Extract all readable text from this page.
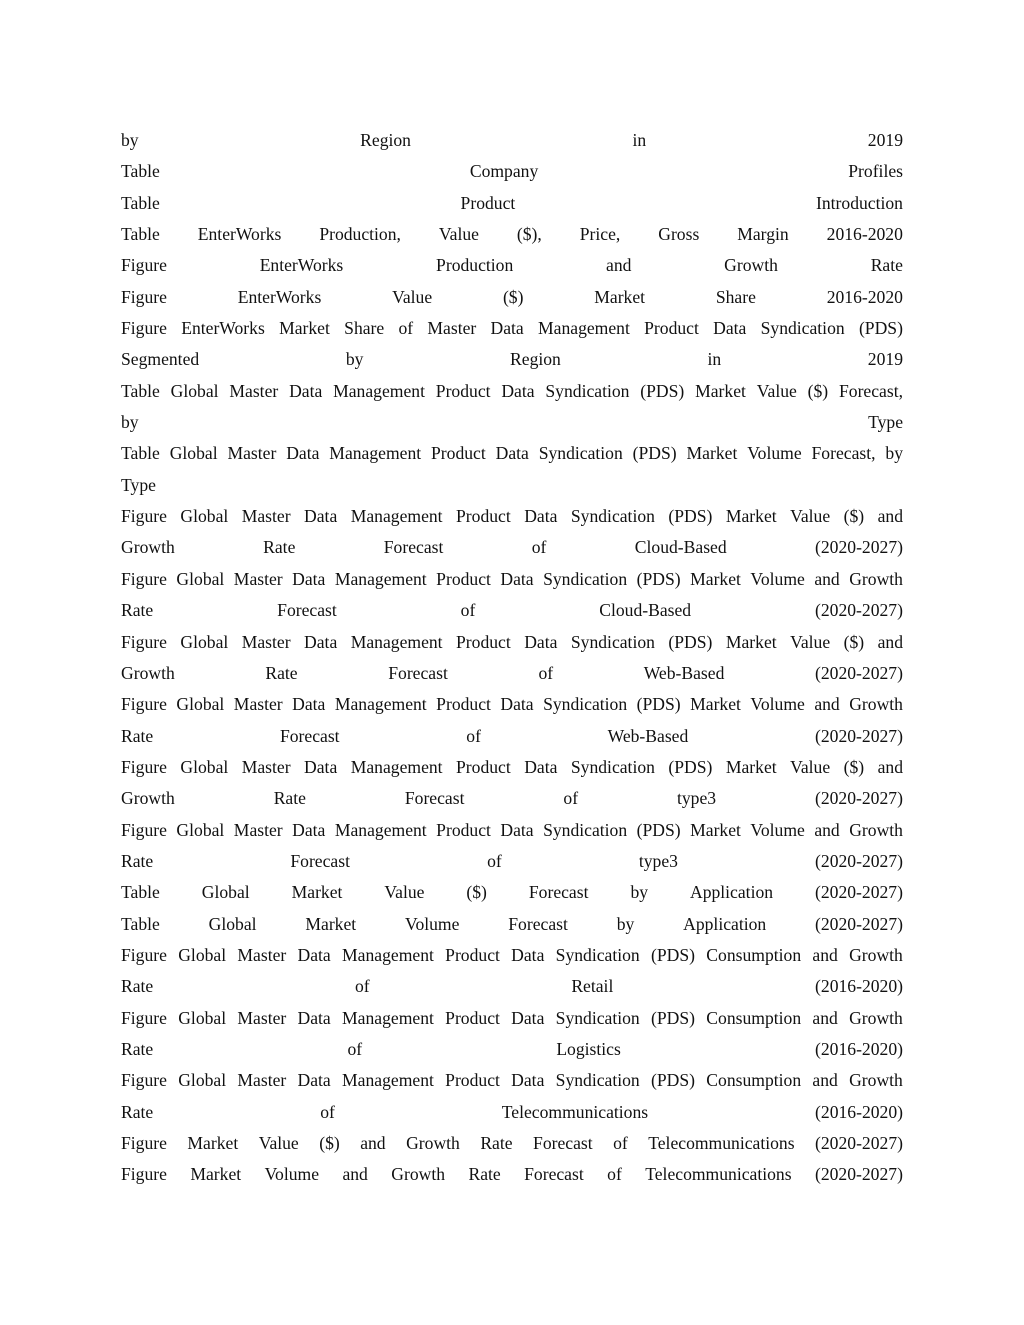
by	Region	in	2019
Table	Company	Profiles
Table	Product	Introduction
Table EnterWorks Production, Value ($), Price, Gross Margin 2016-2020
Figure	EnterWorks	Production	and	Growth	Rate
Figure	EnterWorks	Value	($)	Market	Share	2016-2020
Figure EnterWorks Market Share of Master Data Management Product Data Syndication (PDS)
Segmented	by	Region	in	2019
Table Global Master Data Management Product Data Syndication (PDS) Market Value ($) Forecast,
by	Type
Table Global Master Data Management Product Data Syndication (PDS) Market Volume Forecast, by
Type
Figure Global Master Data Management Product Data Syndication (PDS) Market Value ($) and
Growth	Rate	Forecast	of	Cloud-Based	(2020-2027)
Figure Global Master Data Management Product Data Syndication (PDS) Market Volume and Growth
Rate	Forecast	of	Cloud-Based	(2020-2027)
Figure Global Master Data Management Product Data Syndication (PDS) Market Value ($) and
Growth	Rate	Forecast	of	Web-Based	(2020-2027)
Figure Global Master Data Management Product Data Syndication (PDS) Market Volume and Growth
Rate	Forecast	of	Web-Based	(2020-2027)
Figure Global Master Data Management Product Data Syndication (PDS) Market Value ($) and
Growth	Rate	Forecast	of	type3	(2020-2027)
Figure Global Master Data Management Product Data Syndication (PDS) Market Volume and Growth
Rate	Forecast	of	type3	(2020-2027)
Table Global Market Value ($) Forecast by Application (2020-2027)
Table	Global	Market	Volume	Forecast	by	Application	(2020-2027)
Figure Global Master Data Management Product Data Syndication (PDS) Consumption and Growth
Rate	of	Retail	(2016-2020)
Figure Global Master Data Management Product Data Syndication (PDS) Consumption and Growth
Rate	of	Logistics	(2016-2020)
Figure Global Master Data Management Product Data Syndication (PDS) Consumption and Growth
Rate	of	Telecommunications	(2016-2020)
Figure Market Value ($) and Growth Rate Forecast of Telecommunications (2020-2027)
Figure Market Volume and Growth Rate Forecast of Telecommunications (2020-2027)
